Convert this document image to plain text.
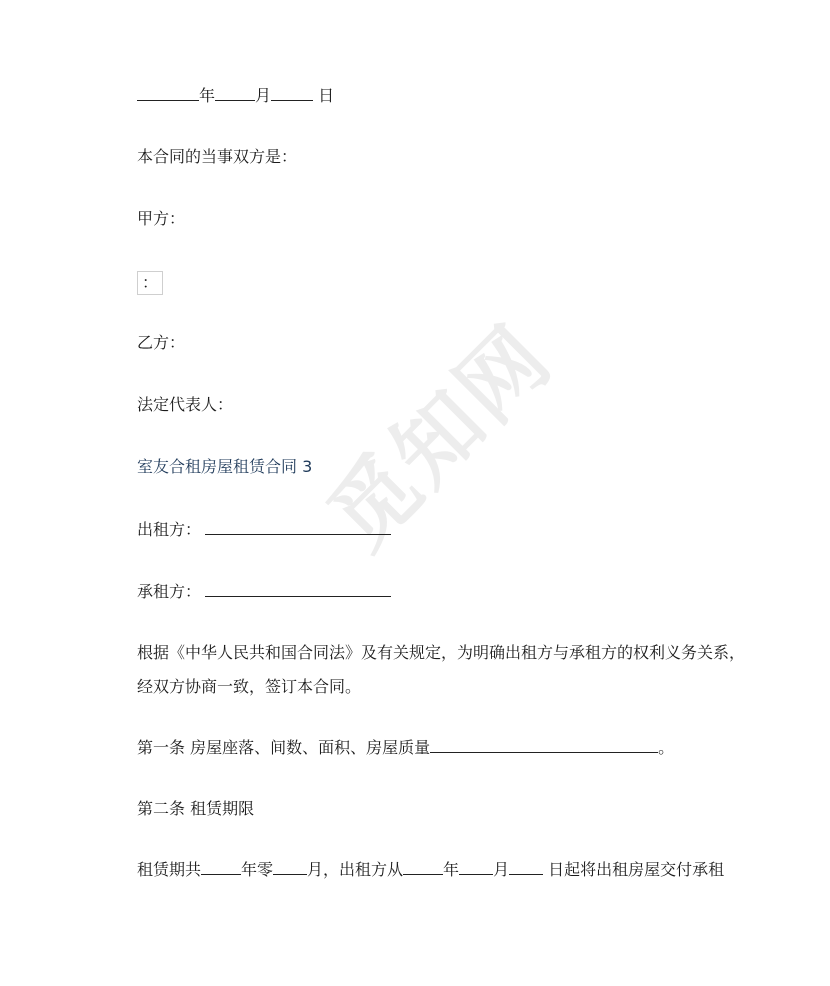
觅知网
年	月	日
本合同的当事双方是：
甲方：
：
乙方：
法定代表人：
室友合租房屋租赁合同 3
出租方：
承租方：
根据《中华人民共和国合同法》及有关规定，为明确出租方与承租方的权利义务关系，
经双方协商一致，签订本合同。
第一条 房屋座落、间数、面积、房屋质量	。
第二条 租赁期限
租赁期共	年零 月，出租方从	年 月 日起将出租房屋交付承租
